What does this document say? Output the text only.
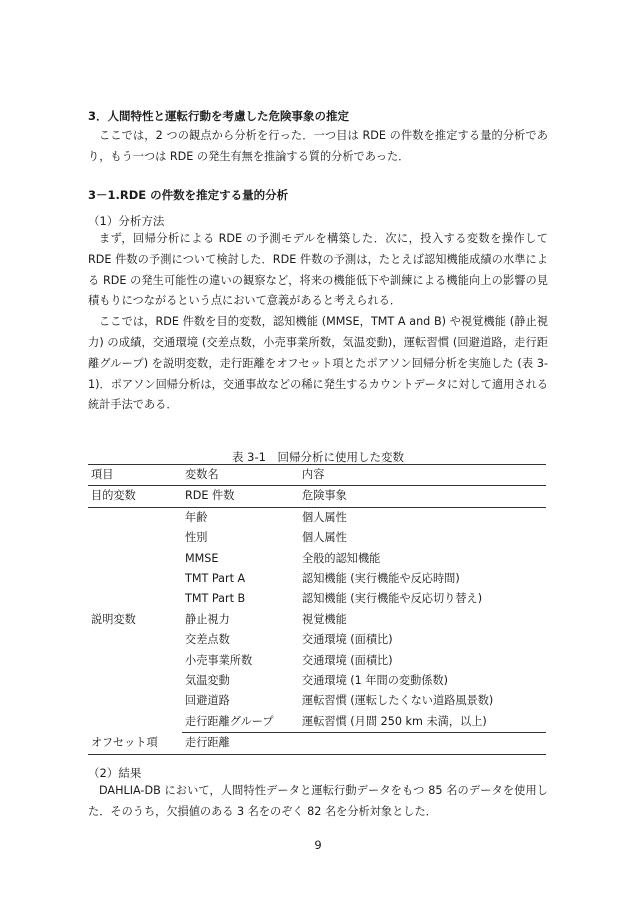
3．人間特性と運転行動を考慮した危険事象の推定

ここでは，2 つの観点から分析を行った．一つ目は RDE の件数を推定する量的分析であり，もう一つは RDE の発生有無を推論する質的分析であった．

3－1.RDE の件数を推定する量的分析
（1）分析方法

まず，回帰分析による RDE の予測モデルを構築した．次に，投入する変数を操作して RDE 件数の予測について検討した．RDE 件数の予測は，たとえば認知機能成績の水準による RDE の発生可能性の違いの観察など，将来の機能低下や訓練による機能向上の影響の見積もりにつながるという点において意義があると考えられる．

ここでは，RDE 件数を目的変数，認知機能 (MMSE，TMT A and B) や視覚機能 (静止視力) の成績，交通環境 (交差点数，小売事業所数，気温変動)，運転習慣 (回避道路，走行距離グループ) を説明変数，走行距離をオフセット項とたポアソン回帰分析を実施した (表 3-1)．ポアソン回帰分析は，交通事故などの稀に発生するカウントデータに対して適用される統計手法である．

表 3-1　回帰分析に使用した変数
項目	変数名	内容
目的変数	RDE 件数	危険事象
説明変数	年齢	個人属性
	性別	個人属性
	MMSE	全般的認知機能
	TMT Part A	認知機能 (実行機能や反応時間)
	TMT Part B	認知機能 (実行機能や反応切り替え)
	静止視力	視覚機能
	交差点数	交通環境 (面積比)
	小売事業所数	交通環境 (面積比)
	気温変動	交通環境 (1 年間の変動係数)
	回避道路	運転習慣 (運転したくない道路風景数)
	走行距離グループ	運転習慣 (月間 250 km 未満，以上)
オフセット項	走行距離	
（2）結果

DAHLIA-DB において，人間特性データと運転行動データをもつ 85 名のデータを使用した．そのうち，欠損値のある 3 名をのぞく 82 名を分析対象とした．

9
